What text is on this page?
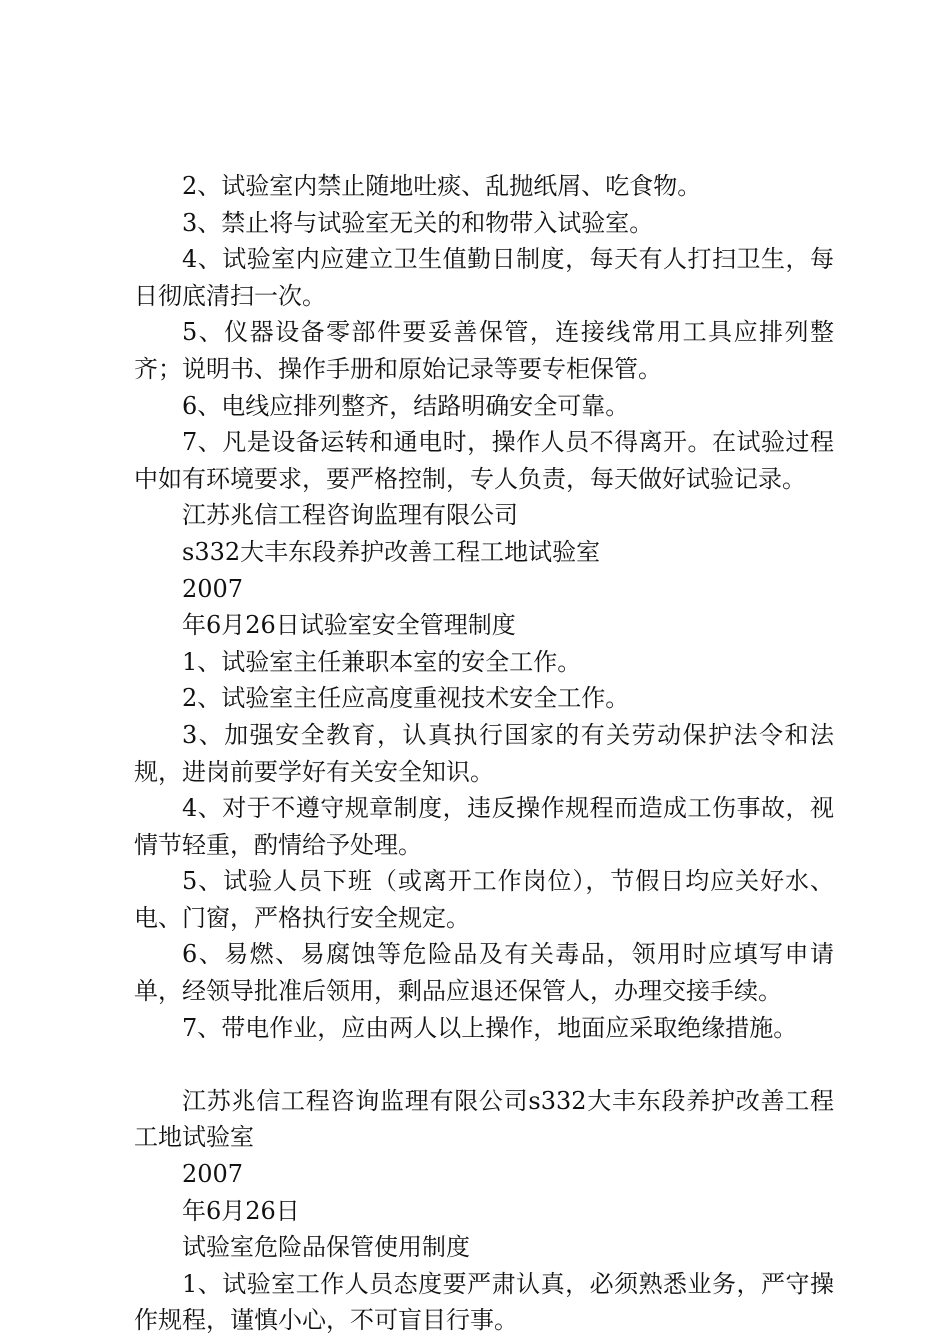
2、试验室内禁止随地吐痰、乱抛纸屑、吃食物。

3、禁止将与试验室无关的和物带入试验室。

4、试验室内应建立卫生值勤日制度，每天有人打扫卫生，每日彻底清扫一次。

5、仪器设备零部件要妥善保管，连接线常用工具应排列整齐；说明书、操作手册和原始记录等要专柜保管。

6、电线应排列整齐，结路明确安全可靠。

7、凡是设备运转和通电时，操作人员不得离开。在试验过程中如有环境要求，要严格控制，专人负责，每天做好试验记录。

江苏兆信工程咨询监理有限公司

s332大丰东段养护改善工程工地试验室

2007

年6月26日试验室安全管理制度

1、试验室主任兼职本室的安全工作。

2、试验室主任应高度重视技术安全工作。

3、加强安全教育，认真执行国家的有关劳动保护法令和法规，进岗前要学好有关安全知识。

4、对于不遵守规章制度，违反操作规程而造成工伤事故，视情节轻重，酌情给予处理。

5、试验人员下班（或离开工作岗位），节假日均应关好水、电、门窗，严格执行安全规定。

6、易燃、易腐蚀等危险品及有关毒品，领用时应填写申请单，经领导批准后领用，剩品应退还保管人，办理交接手续。

7、带电作业，应由两人以上操作，地面应采取绝缘措施。

江苏兆信工程咨询监理有限公司s332大丰东段养护改善工程工地试验室

2007

年6月26日

试验室危险品保管使用制度

1、试验室工作人员态度要严肃认真，必须熟悉业务，严守操作规程，谨慎小心，不可盲目行事。
